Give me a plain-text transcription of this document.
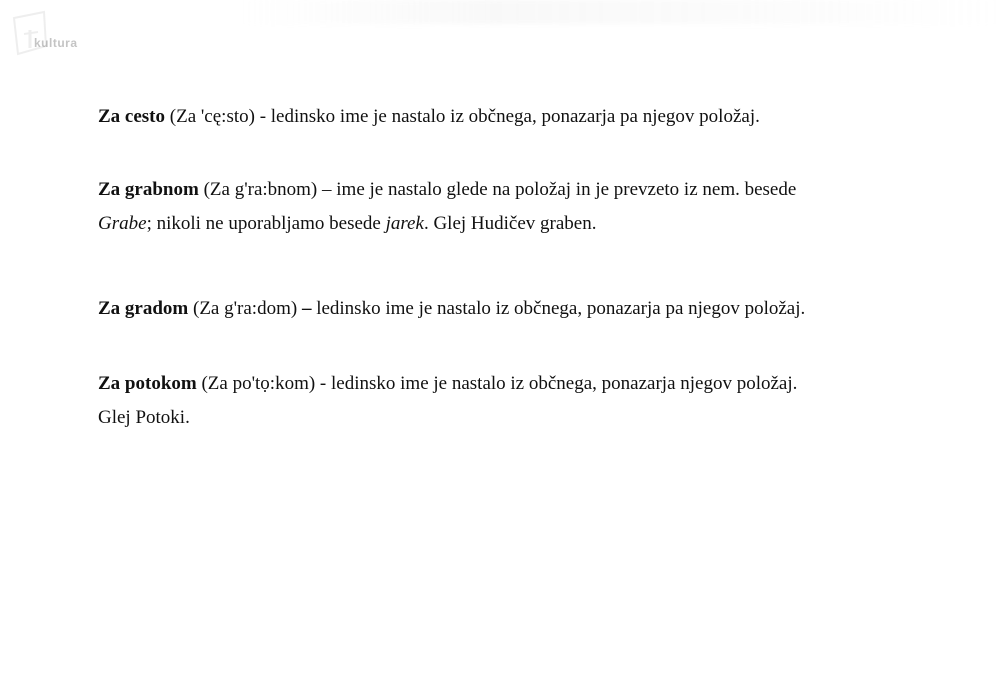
kultura

Za cesto (Za 'cę:sto) - ledinsko ime je nastalo iz občnega, ponazarja pa njegov položaj.

Za grabnom (Za g'ra:bnom) – ime je nastalo glede na položaj in je prevzeto iz nem. besede
Grabe; nikoli ne uporabljamo besede jarek. Glej Hudičev graben.

Za gradom (Za g'ra:dom) – ledinsko ime je nastalo iz občnega, ponazarja pa njegov položaj.

Za potokom (Za po'tọ:kom) - ledinsko ime je nastalo iz občnega, ponazarja njegov položaj.
Glej Potoki.
